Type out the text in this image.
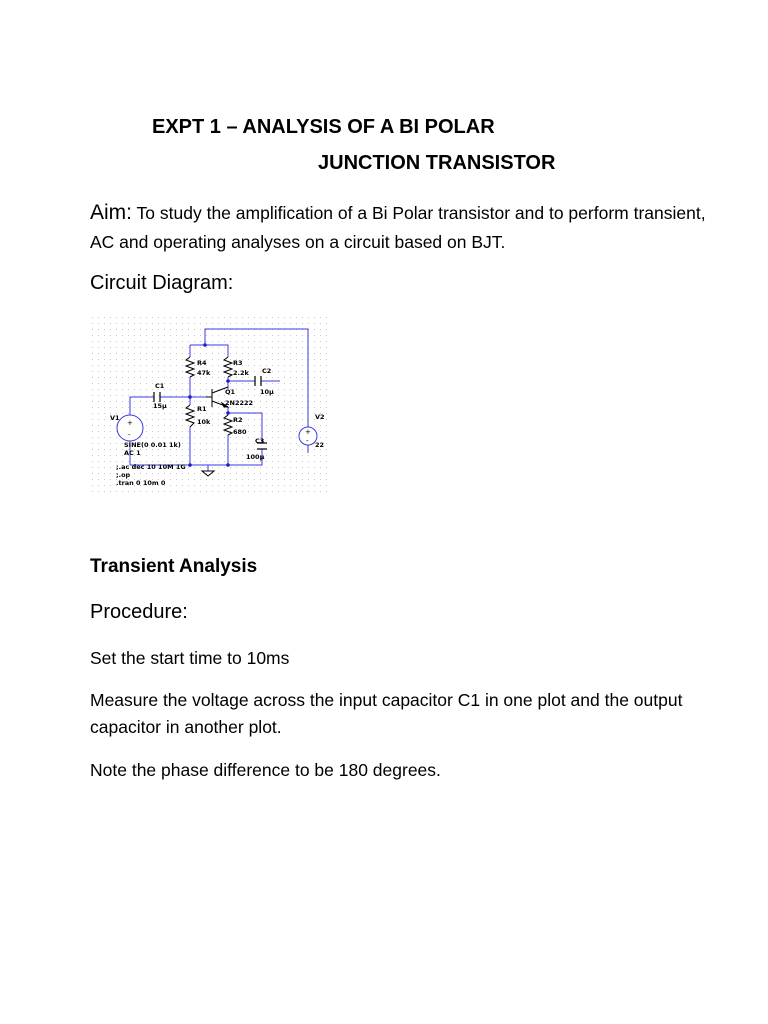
EXPT 1 – ANALYSIS OF A BI POLAR
JUNCTION TRANSISTOR
Aim: To study the amplification of a Bi Polar transistor and to perform transient, AC and operating analyses on a circuit based on BJT.
Circuit Diagram:
+
-	+
-
R4
47k
R3
2.2k C2
10µ
C1
15µ
Q1
2N2222
R1
10k	R2
680
C3
100µ
V1
SINE(0 0.01 1k)
AC 1
V2
22
;.ac dec 10 10M 1G
;.op
.tran 0 10m 0
Transient Analysis
Procedure:
Set the start time to 10ms
Measure the voltage across the input capacitor C1 in one plot and the output capacitor in another plot.
Note the phase difference to be 180 degrees.
